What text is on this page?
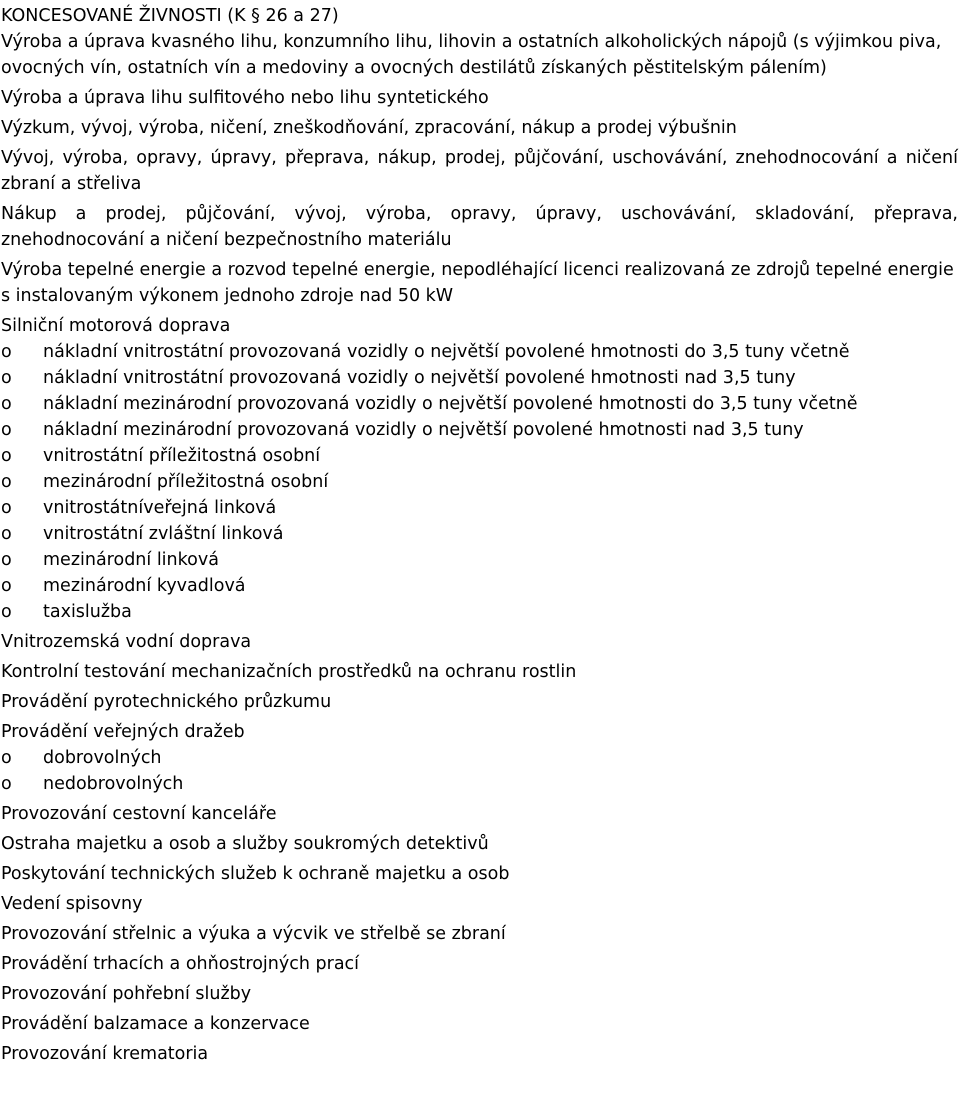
KONCESOVANÉ ŽIVNOSTI (K § 26 a 27)
Výroba a úprava kvasného lihu, konzumního lihu, lihovin a ostatních alkoholických nápojů (s výjimkou piva, ovocných vín, ostatních vín a medoviny a ovocných destilátů získaných pěstitelským pálením)
Výroba a úprava lihu sulfitového nebo lihu syntetického
Výzkum, vývoj, výroba, ničení, zneškodňování, zpracování, nákup a prodej výbušnin
Vývoj, výroba, opravy, úpravy, přeprava, nákup, prodej, půjčování, uschovávání, znehodnocování a ničení zbraní a střeliva
Nákup a prodej, půjčování, vývoj, výroba, opravy, úpravy, uschovávání, skladování, přeprava, znehodnocování a ničení bezpečnostního materiálu
Výroba tepelné energie a rozvod tepelné energie, nepodléhající licenci realizovaná ze zdrojů tepelné energie s instalovaným výkonem jednoho zdroje nad 50 kW
Silniční motorová doprava
o	nákladní vnitrostátní provozovaná vozidly o největší povolené hmotnosti do 3,5 tuny včetně
o	nákladní vnitrostátní provozovaná vozidly o největší povolené hmotnosti nad 3,5 tuny
o	nákladní mezinárodní provozovaná vozidly o největší povolené hmotnosti do 3,5 tuny včetně
o	nákladní mezinárodní provozovaná vozidly o největší povolené hmotnosti nad 3,5 tuny
o	vnitrostátní příležitostná osobní
o	mezinárodní příležitostná osobní
o	vnitrostátníveřejná linková
o	vnitrostátní zvláštní linková
o	mezinárodní linková
o	mezinárodní kyvadlová
o	taxislužba
Vnitrozemská vodní doprava
Kontrolní testování mechanizačních prostředků na ochranu rostlin
Provádění pyrotechnického průzkumu
Provádění veřejných dražeb
o	dobrovolných
o	nedobrovolných
Provozování cestovní kanceláře
Ostraha majetku a osob a služby soukromých detektivů
Poskytování technických služeb k ochraně majetku a osob
Vedení spisovny
Provozování střelnic a výuka a výcvik ve střelbě se zbraní
Provádění trhacích a ohňostrojných prací
Provozování pohřební služby
Provádění balzamace a konzervace
Provozování krematoria
